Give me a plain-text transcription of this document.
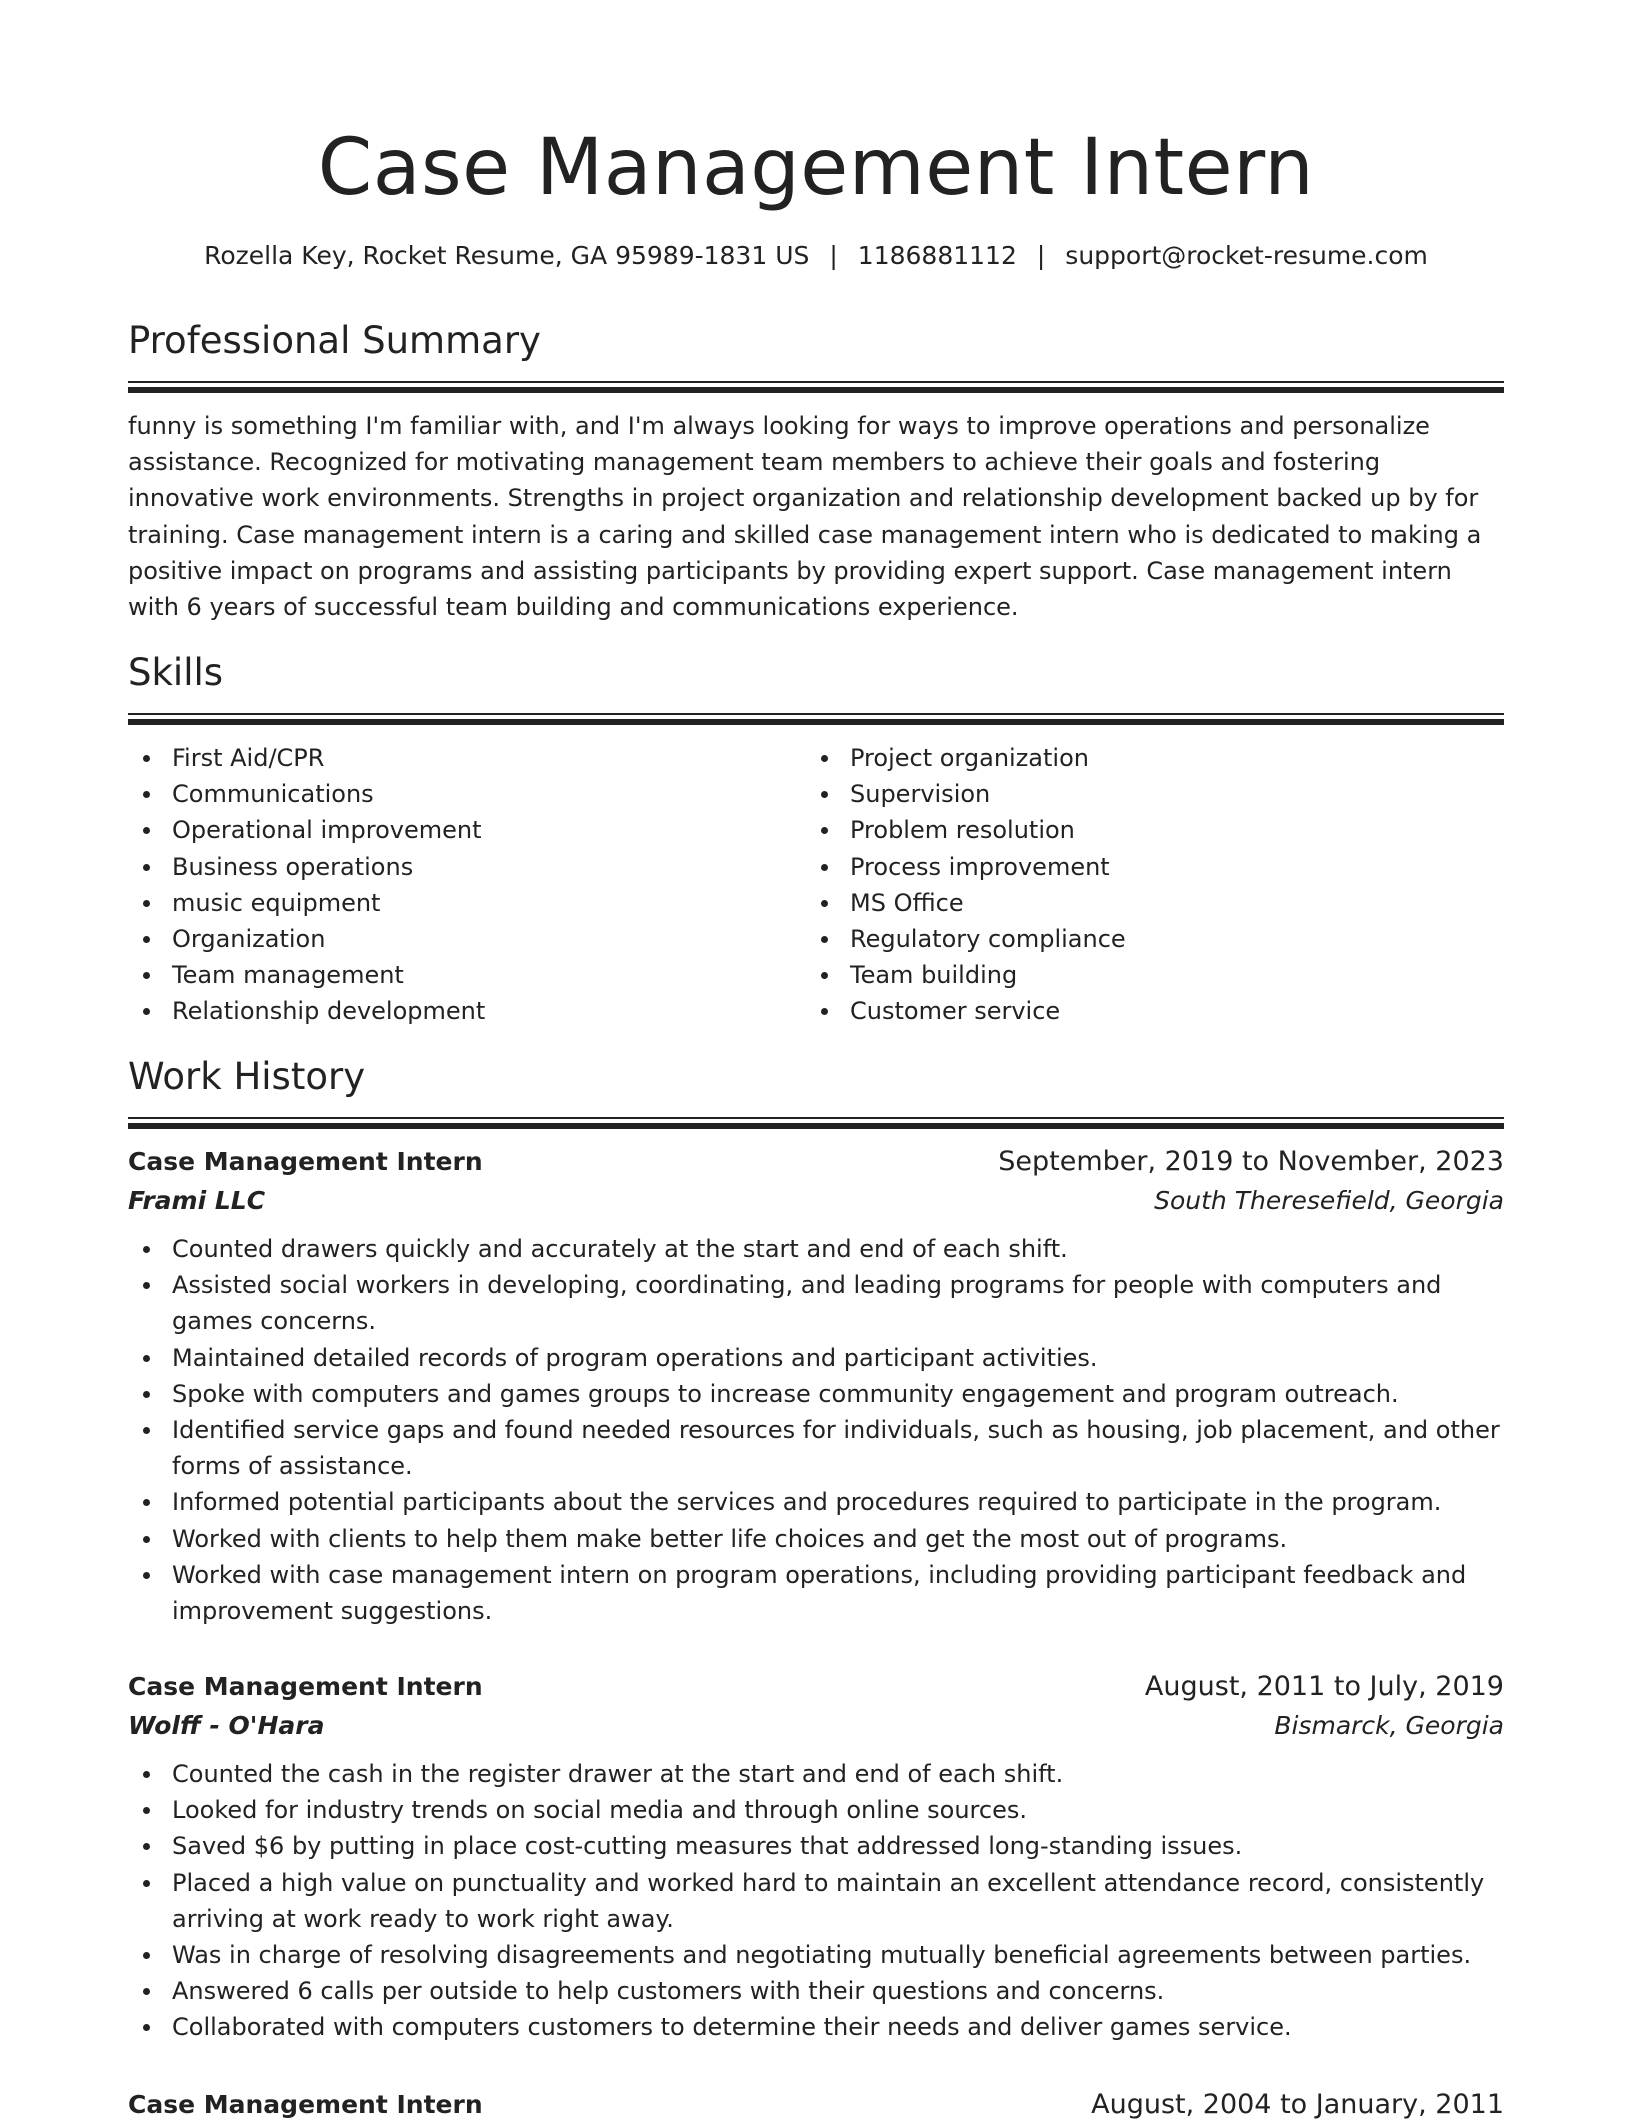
Case Management Intern
Rozella Key, Rocket Resume, GA 95989-1831 US | 1186881112 | support@rocket-resume.com
Professional Summary

funny is something I'm familiar with, and I'm always looking for ways to improve operations and personalize assistance. Recognized for motivating management team members to achieve their goals and fostering innovative work environments. Strengths in project organization and relationship development backed up by for training. Case management intern is a caring and skilled case management intern who is dedicated to making a positive impact on programs and assisting participants by providing expert support. Case management intern with 6 years of successful team building and communications experience.

Skills
First Aid/CPR
Communications
Operational improvement
Business operations
music equipment
Organization
Team management
Relationship development
Project organization
Supervision
Problem resolution
Process improvement
MS Office
Regulatory compliance
Team building
Customer service
Work History
Case Management Intern	September, 2019 to November, 2023
Frami LLC	South Theresefield, Georgia
Counted drawers quickly and accurately at the start and end of each shift.
Assisted social workers in developing, coordinating, and leading programs for people with computers and games concerns.
Maintained detailed records of program operations and participant activities.
Spoke with computers and games groups to increase community engagement and program outreach.
Identified service gaps and found needed resources for individuals, such as housing, job placement, and other forms of assistance.
Informed potential participants about the services and procedures required to participate in the program.
Worked with clients to help them make better life choices and get the most out of programs.
Worked with case management intern on program operations, including providing participant feedback and improvement suggestions.
Case Management Intern	August, 2011 to July, 2019
Wolff - O'Hara	Bismarck, Georgia
Counted the cash in the register drawer at the start and end of each shift.
Looked for industry trends on social media and through online sources.
Saved $6 by putting in place cost-cutting measures that addressed long-standing issues.
Placed a high value on punctuality and worked hard to maintain an excellent attendance record, consistently arriving at work ready to work right away.
Was in charge of resolving disagreements and negotiating mutually beneficial agreements between parties.
Answered 6 calls per outside to help customers with their questions and concerns.
Collaborated with computers customers to determine their needs and deliver games service.
Case Management Intern	August, 2004 to January, 2011
